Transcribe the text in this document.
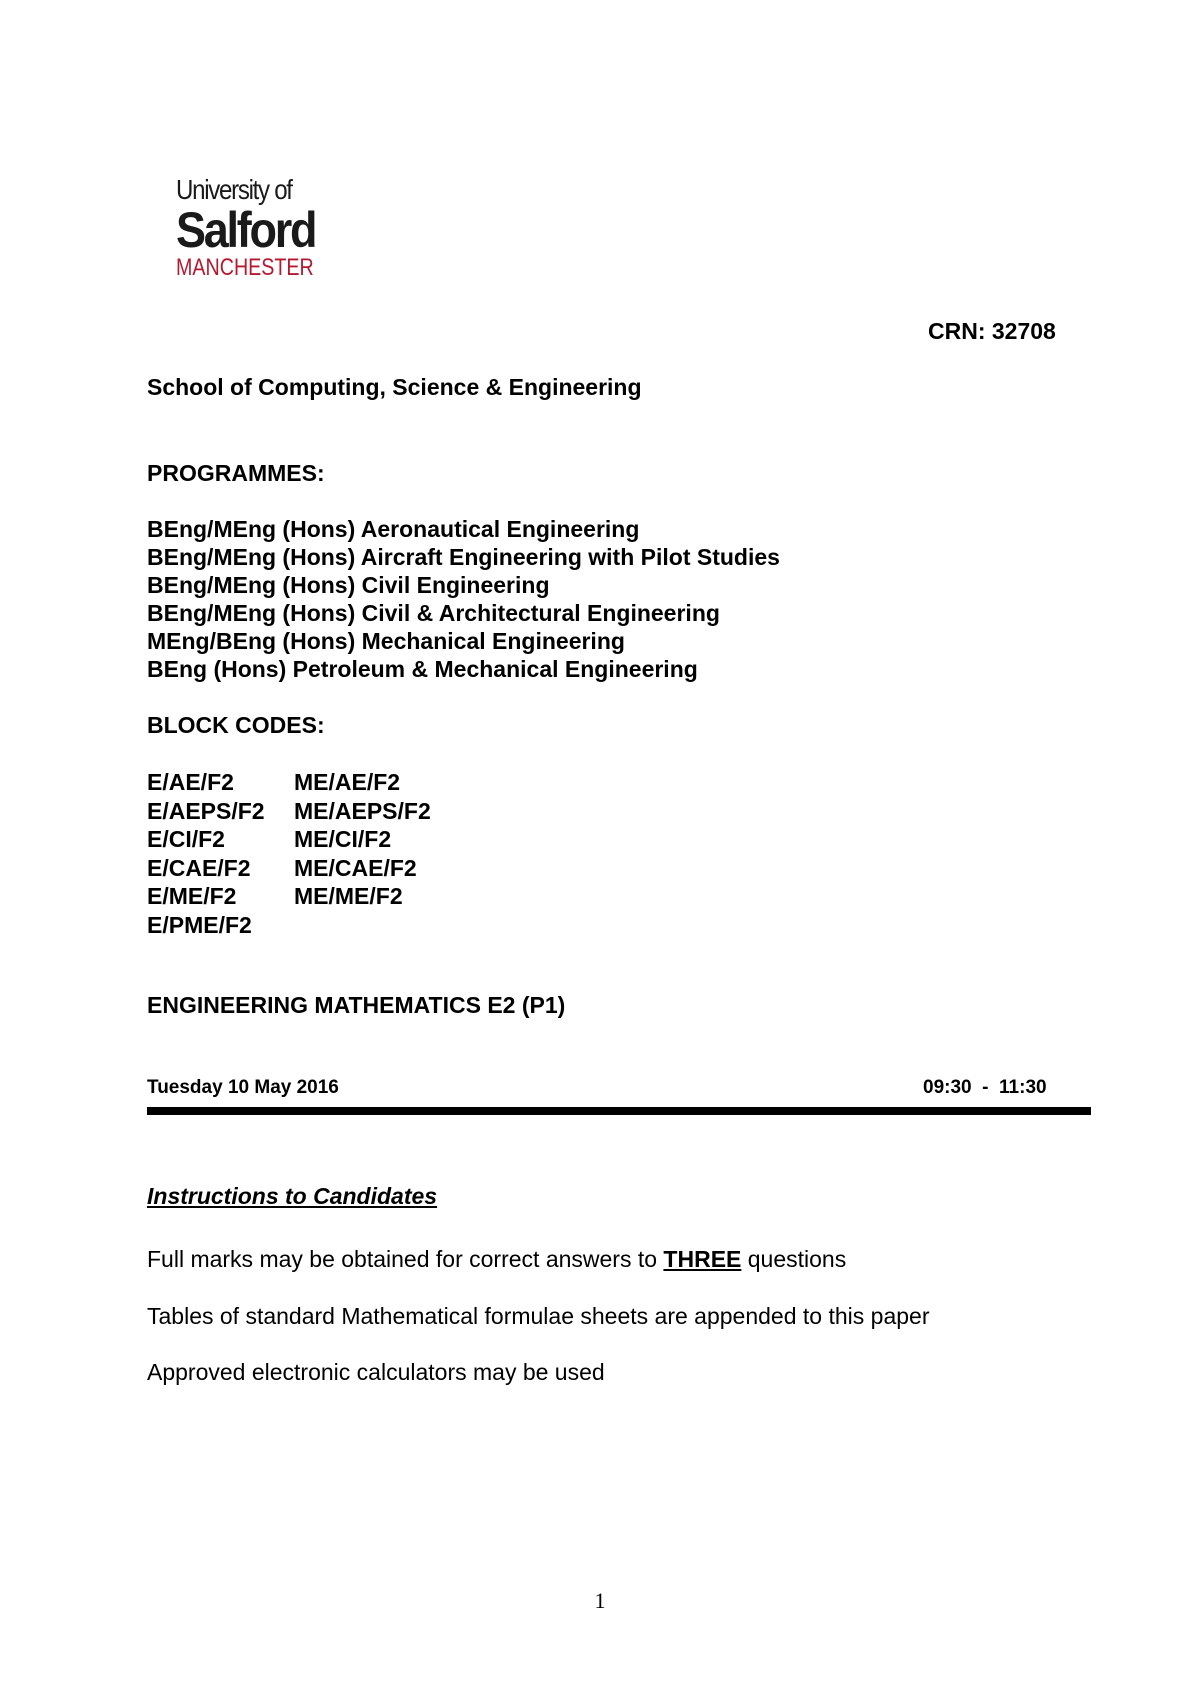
University of
Salford
MANCHESTER
CRN: 32708
School of Computing, Science & Engineering
PROGRAMMES:
BEng/MEng (Hons) Aeronautical Engineering
BEng/MEng (Hons) Aircraft Engineering with Pilot Studies
BEng/MEng (Hons) Civil Engineering
BEng/MEng (Hons) Civil & Architectural Engineering
MEng/BEng (Hons) Mechanical Engineering
BEng (Hons) Petroleum & Mechanical Engineering
BLOCK CODES:
E/AE/F2	ME/AE/F2
E/AEPS/F2	ME/AEPS/F2
E/CI/F2	ME/CI/F2
E/CAE/F2	ME/CAE/F2
E/ME/F2	ME/ME/F2
E/PME/F2
ENGINEERING MATHEMATICS E2 (P1)
Tuesday 10 May 2016	09:30  -  11:30
Instructions to Candidates
Full marks may be obtained for correct answers to THREE questions
Tables of standard Mathematical formulae sheets are appended to this paper
Approved electronic calculators may be used
1
